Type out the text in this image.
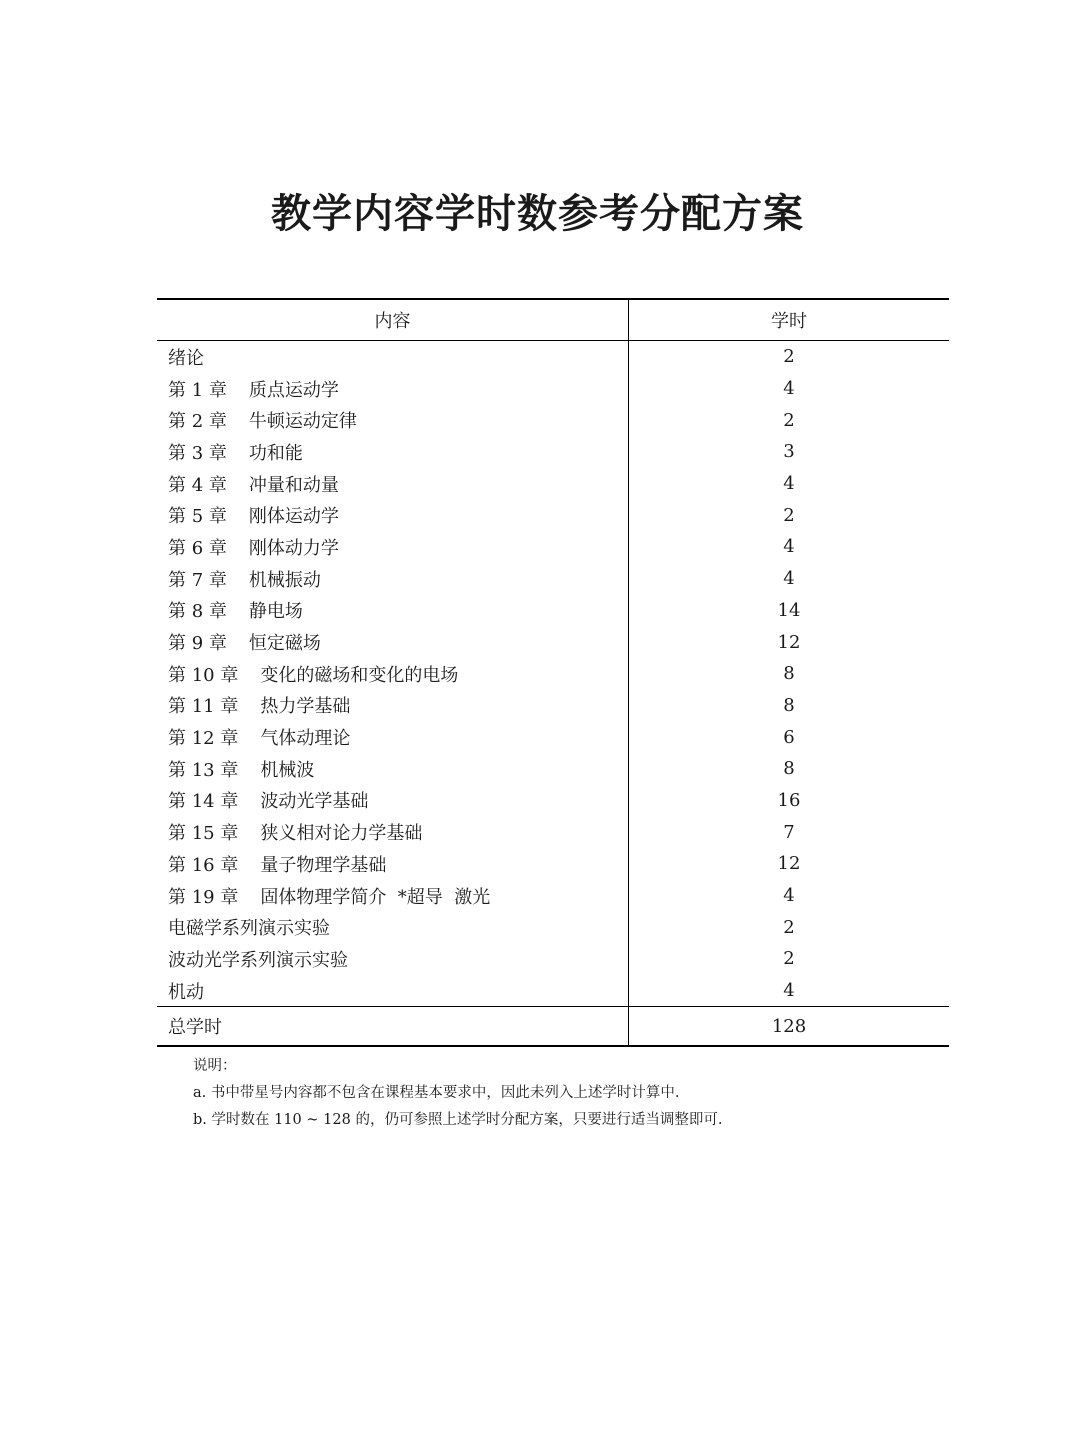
教学内容学时数参考分配方案
内容	学时
绪论	2
第 1 章 质点运动学	4
第 2 章 牛顿运动定律	2
第 3 章 功和能	3
第 4 章 冲量和动量	4
第 5 章 刚体运动学	2
第 6 章 刚体动力学	4
第 7 章 机械振动	4
第 8 章 静电场	14
第 9 章 恒定磁场	12
第 10 章 变化的磁场和变化的电场	8
第 11 章 热力学基础	8
第 12 章 气体动理论	6
第 13 章 机械波	8
第 14 章 波动光学基础	16
第 15 章 狭义相对论力学基础	7
第 16 章 量子物理学基础	12
第 19 章 固体物理学简介  *超导  激光	4
电磁学系列演示实验	2
波动光学系列演示实验	2
机动	4
总学时	128
说明：
a. 书中带星号内容都不包含在课程基本要求中，因此未列入上述学时计算中.
b. 学时数在 110 ~ 128 的，仍可参照上述学时分配方案，只要进行适当调整即可.
